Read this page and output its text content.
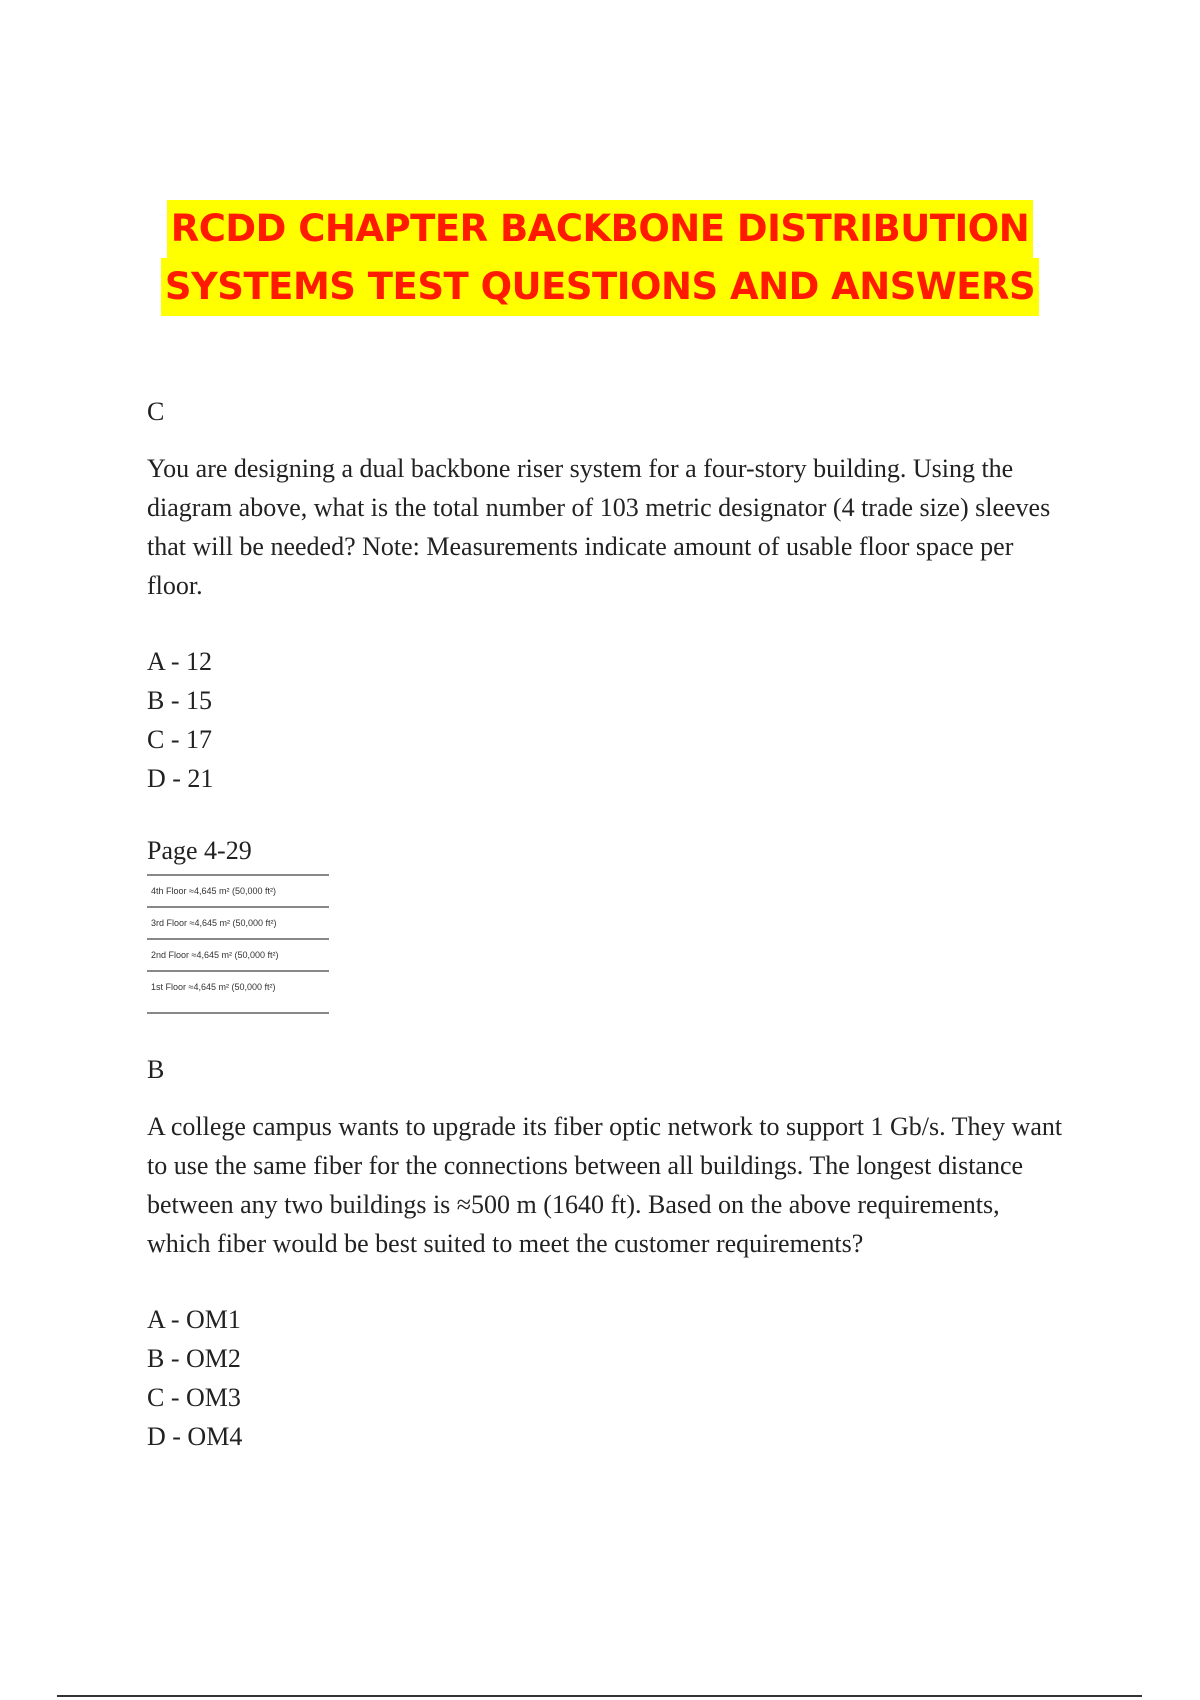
RCDD CHAPTER BACKBONE DISTRIBUTION
SYSTEMS TEST QUESTIONS AND ANSWERS

C

You are designing a dual backbone riser system for a four-story building. Using the diagram above, what is the total number of 103 metric designator (4 trade size) sleeves that will be needed? Note: Measurements indicate amount of usable floor space per floor.

A - 12
B - 15
C - 17
D - 21

Page 4-29

4th Floor ≈4,645 m² (50,000 ft²)
3rd Floor ≈4,645 m² (50,000 ft²)
2nd Floor ≈4,645 m² (50,000 ft²)
1st Floor ≈4,645 m² (50,000 ft²)

B

A college campus wants to upgrade its fiber optic network to support 1 Gb/s. They want to use the same fiber for the connections between all buildings. The longest distance between any two buildings is ≈500 m (1640 ft). Based on the above requirements, which fiber would be best suited to meet the customer requirements?

A - OM1
B - OM2
C - OM3
D - OM4
